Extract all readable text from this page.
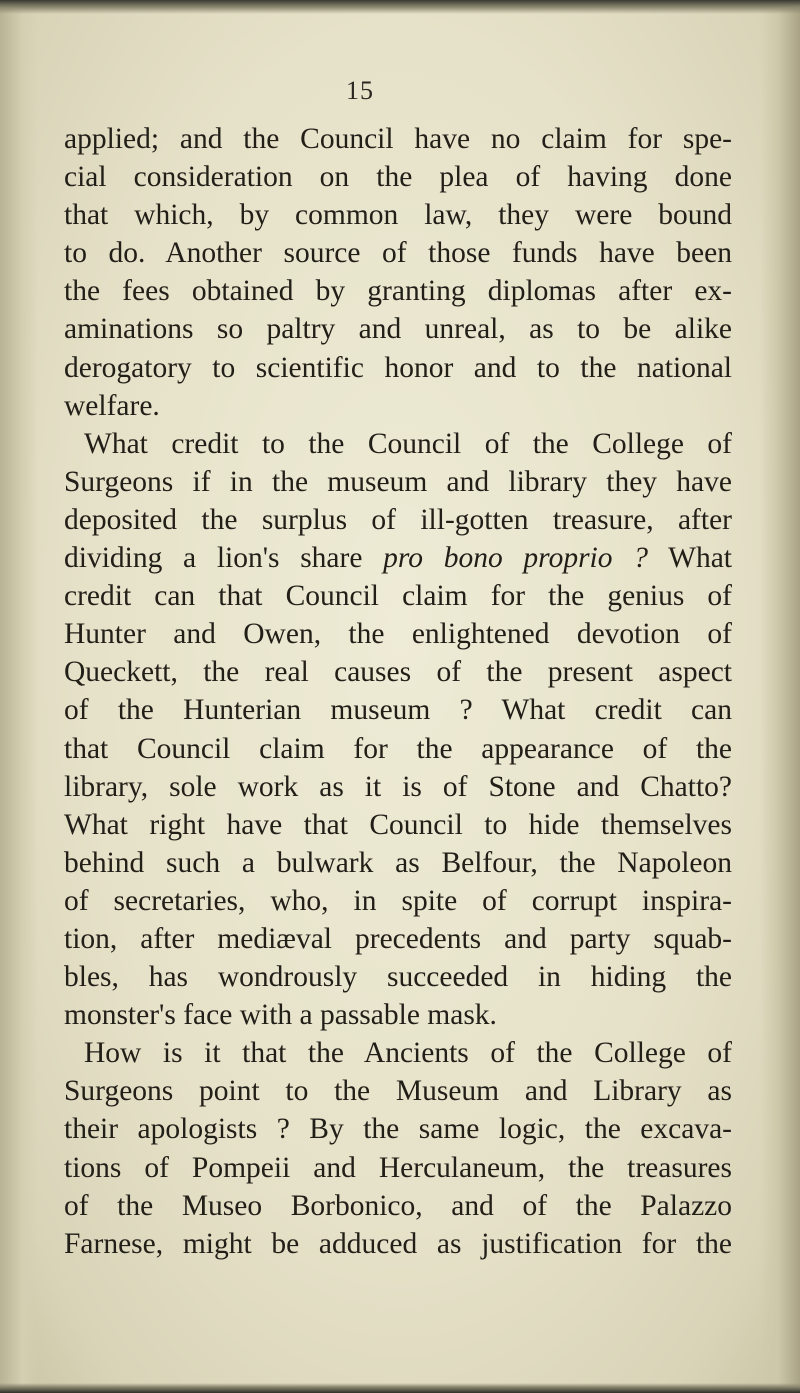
15
applied; and the Council have no claim for spe-
cial consideration on the plea of having done
that which, by common law, they were bound
to do. Another source of those funds have been
the fees obtained by granting diplomas after ex-
aminations so paltry and unreal, as to be alike
derogatory to scientific honor and to the national
welfare.
What credit to the Council of the College of
Surgeons if in the museum and library they have
deposited the surplus of ill-gotten treasure, after
dividing a lion's share pro bono proprio ? What
credit can that Council claim for the genius of
Hunter and Owen, the enlightened devotion of
Queckett, the real causes of the present aspect
of the Hunterian museum ? What credit can
that Council claim for the appearance of the
library, sole work as it is of Stone and Chatto?
What right have that Council to hide themselves
behind such a bulwark as Belfour, the Napoleon
of secretaries, who, in spite of corrupt inspira-
tion, after mediæval precedents and party squab-
bles, has wondrously succeeded in hiding the
monster's face with a passable mask.
How is it that the Ancients of the College of
Surgeons point to the Museum and Library as
their apologists ? By the same logic, the excava-
tions of Pompeii and Herculaneum, the treasures
of the Museo Borbonico, and of the Palazzo
Farnese, might be adduced as justification for the
